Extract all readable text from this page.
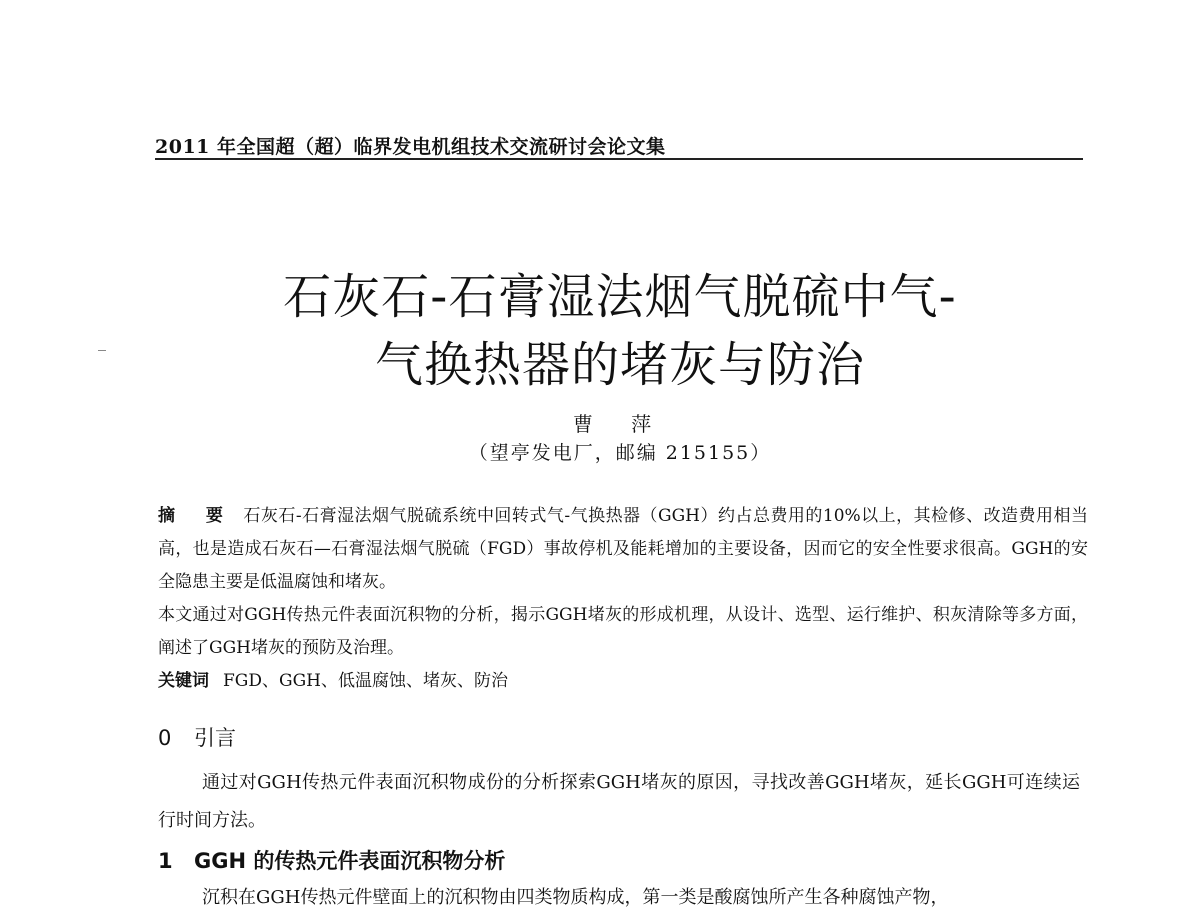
2011 年全国超（超）临界发电机组技术交流研讨会论文集
石灰石-石膏湿法烟气脱硫中气-
气换热器的堵灰与防治
曹 萍
（望亭发电厂，邮编 215155）

摘 要 石灰石-石膏湿法烟气脱硫系统中回转式气-气换热器（GGH）约占总费用的10%以上，其检修、改造费用相当高，也是造成石灰石—石膏湿法烟气脱硫（FGD）事故停机及能耗增加的主要设备，因而它的安全性要求很高。GGH的安全隐患主要是低温腐蚀和堵灰。

本文通过对GGH传热元件表面沉积物的分析，揭示GGH堵灰的形成机理，从设计、选型、运行维护、积灰清除等多方面，阐述了GGH堵灰的预防及治理。

关键词 FGD、GGH、低温腐蚀、堵灰、防治

0 引言

通过对GGH传热元件表面沉积物成份的分析探索GGH堵灰的原因，寻找改善GGH堵灰，延长GGH可连续运行时间方法。

1 GGH 的传热元件表面沉积物分析
沉积在GGH传热元件壁面上的沉积物由四类物质构成，第一类是酸腐蚀所产生各种腐蚀产物，
